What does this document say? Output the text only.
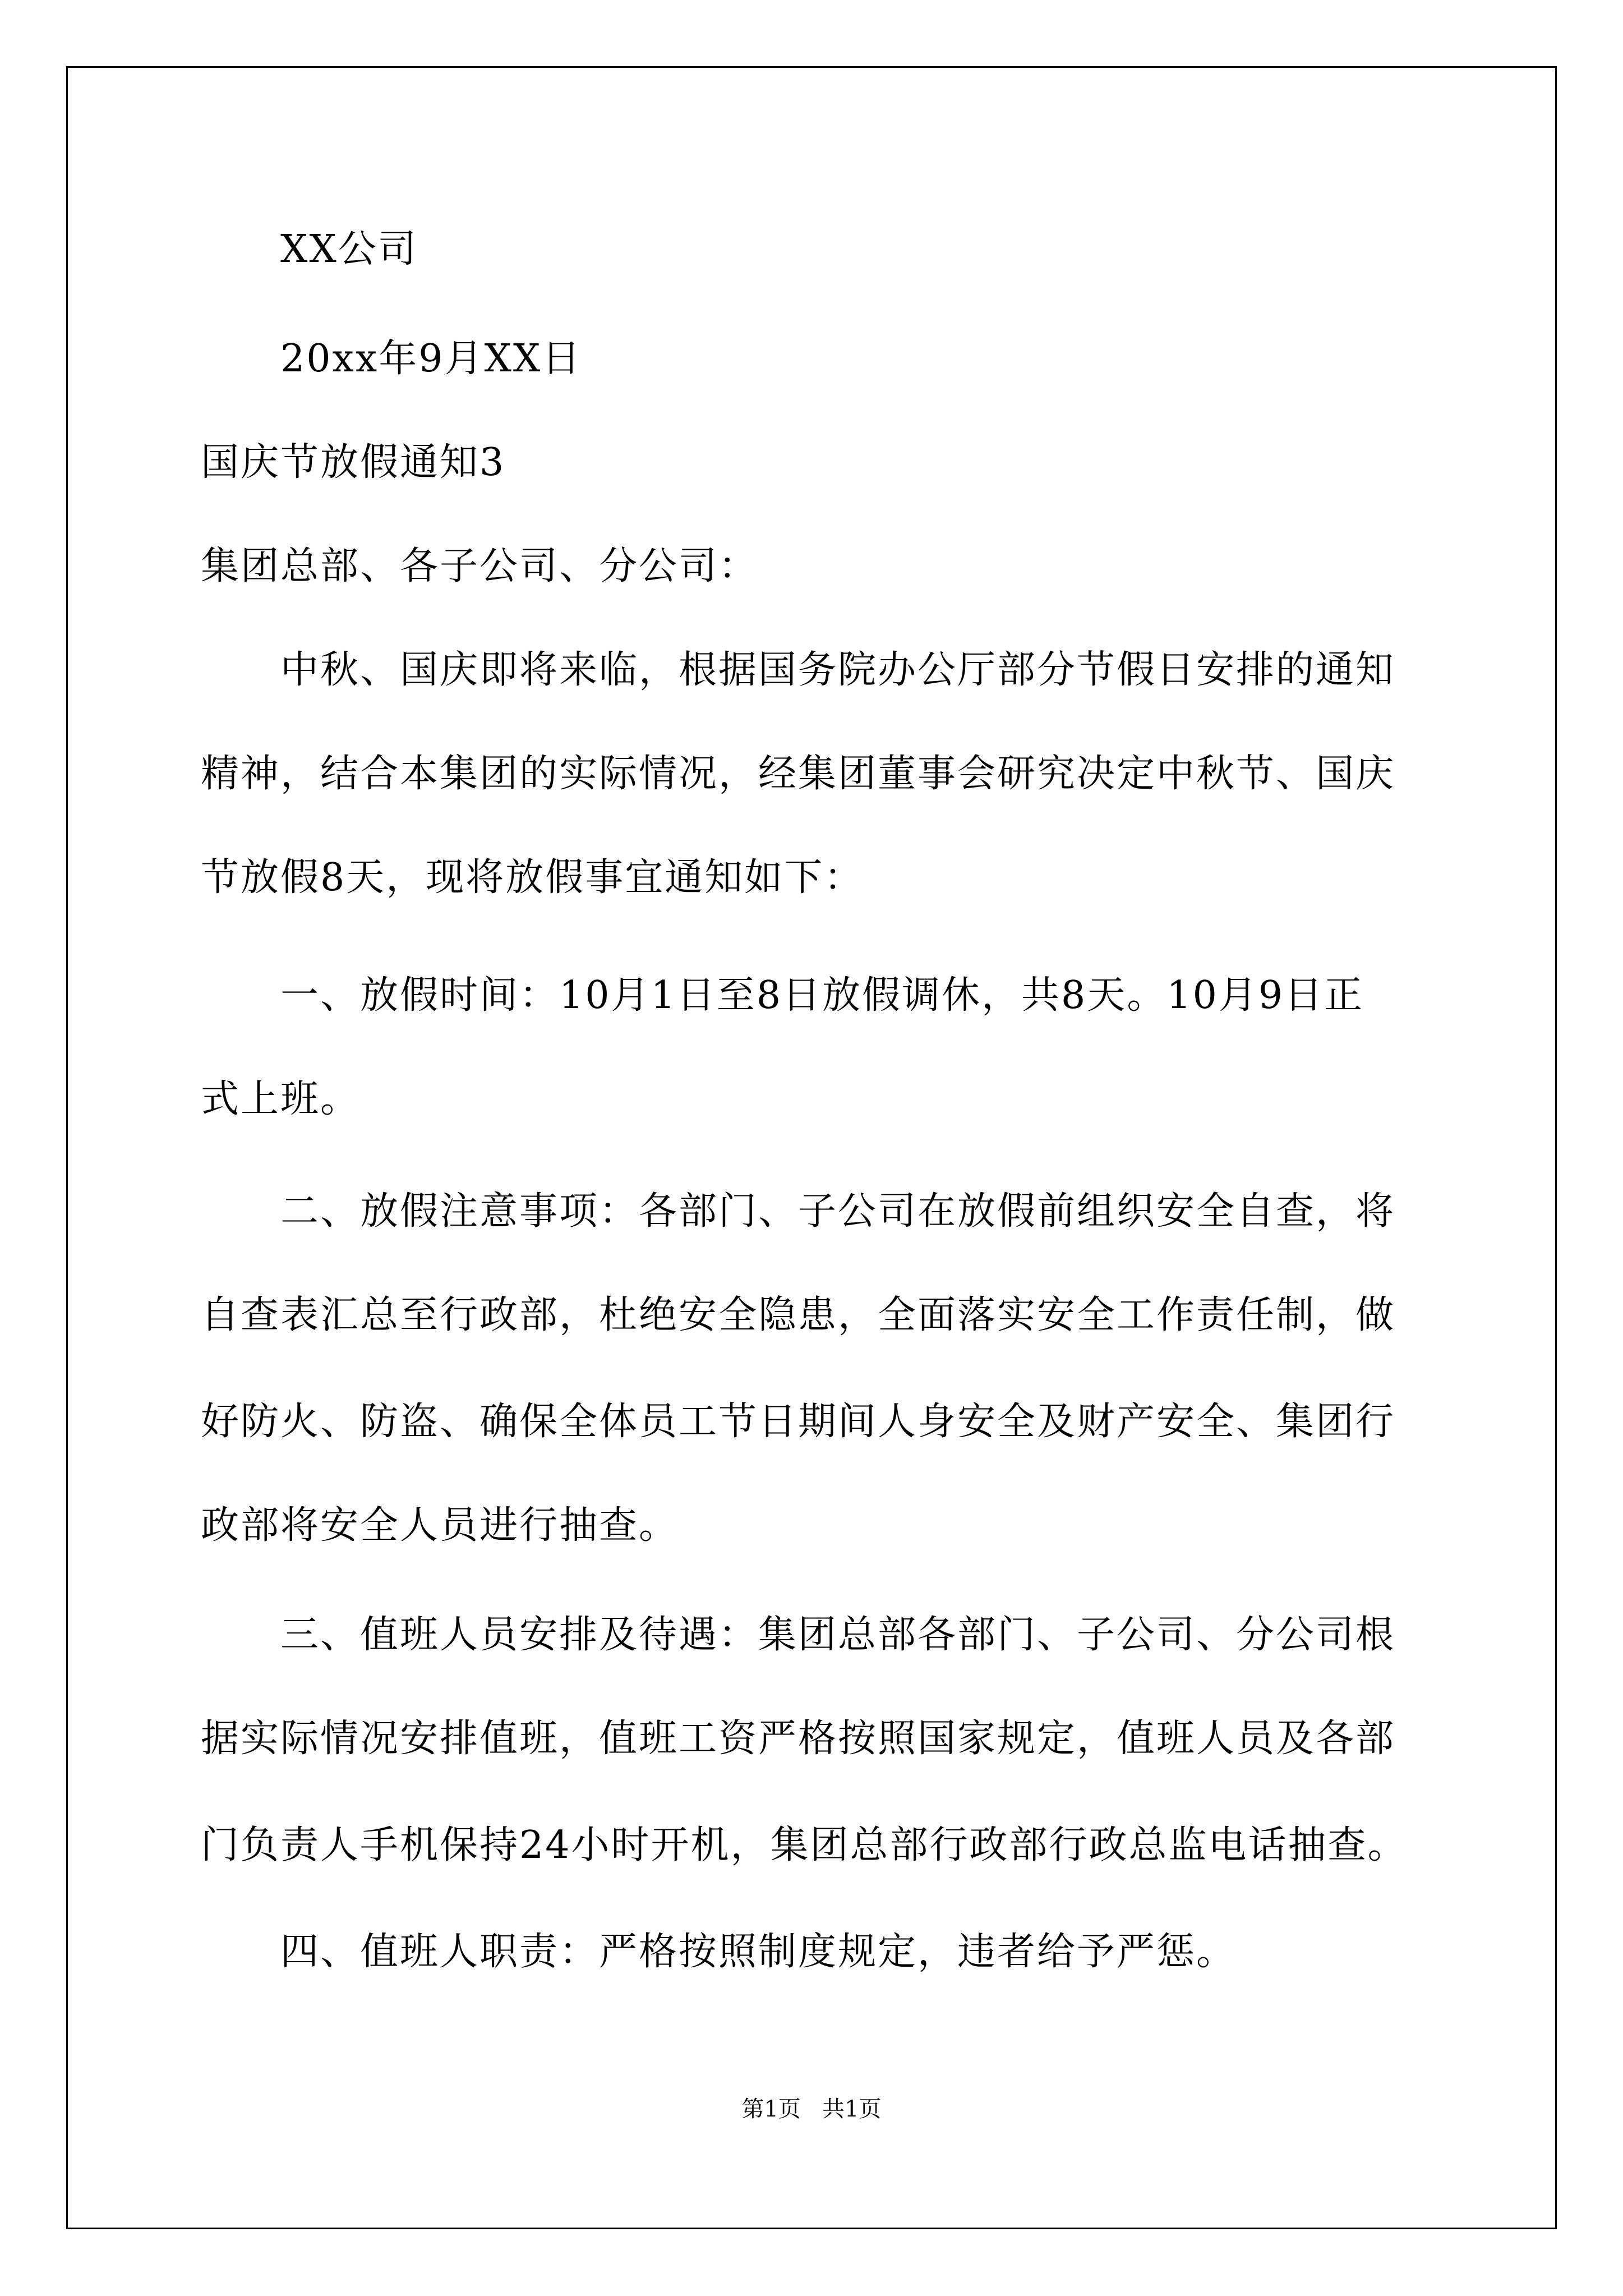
XX公司
20xx年9月XX日
国庆节放假通知3
集团总部、各子公司、分公司：
中秋、国庆即将来临，根据国务院办公厅部分节假日安排的通知
精神，结合本集团的实际情况，经集团董事会研究决定中秋节、国庆
节放假8天，现将放假事宜通知如下：
一、放假时间：10月1日至8日放假调休，共8天。10月9日正
式上班。
二、放假注意事项：各部门、子公司在放假前组织安全自查，将
自查表汇总至行政部，杜绝安全隐患，全面落实安全工作责任制，做
好防火、防盗、确保全体员工节日期间人身安全及财产安全、集团行
政部将安全人员进行抽查。
三、值班人员安排及待遇：集团总部各部门、子公司、分公司根
据实际情况安排值班，值班工资严格按照国家规定，值班人员及各部
门负责人手机保持24小时开机，集团总部行政部行政总监电话抽查。
四、值班人职责：严格按照制度规定，违者给予严惩。
第1页   共1页
